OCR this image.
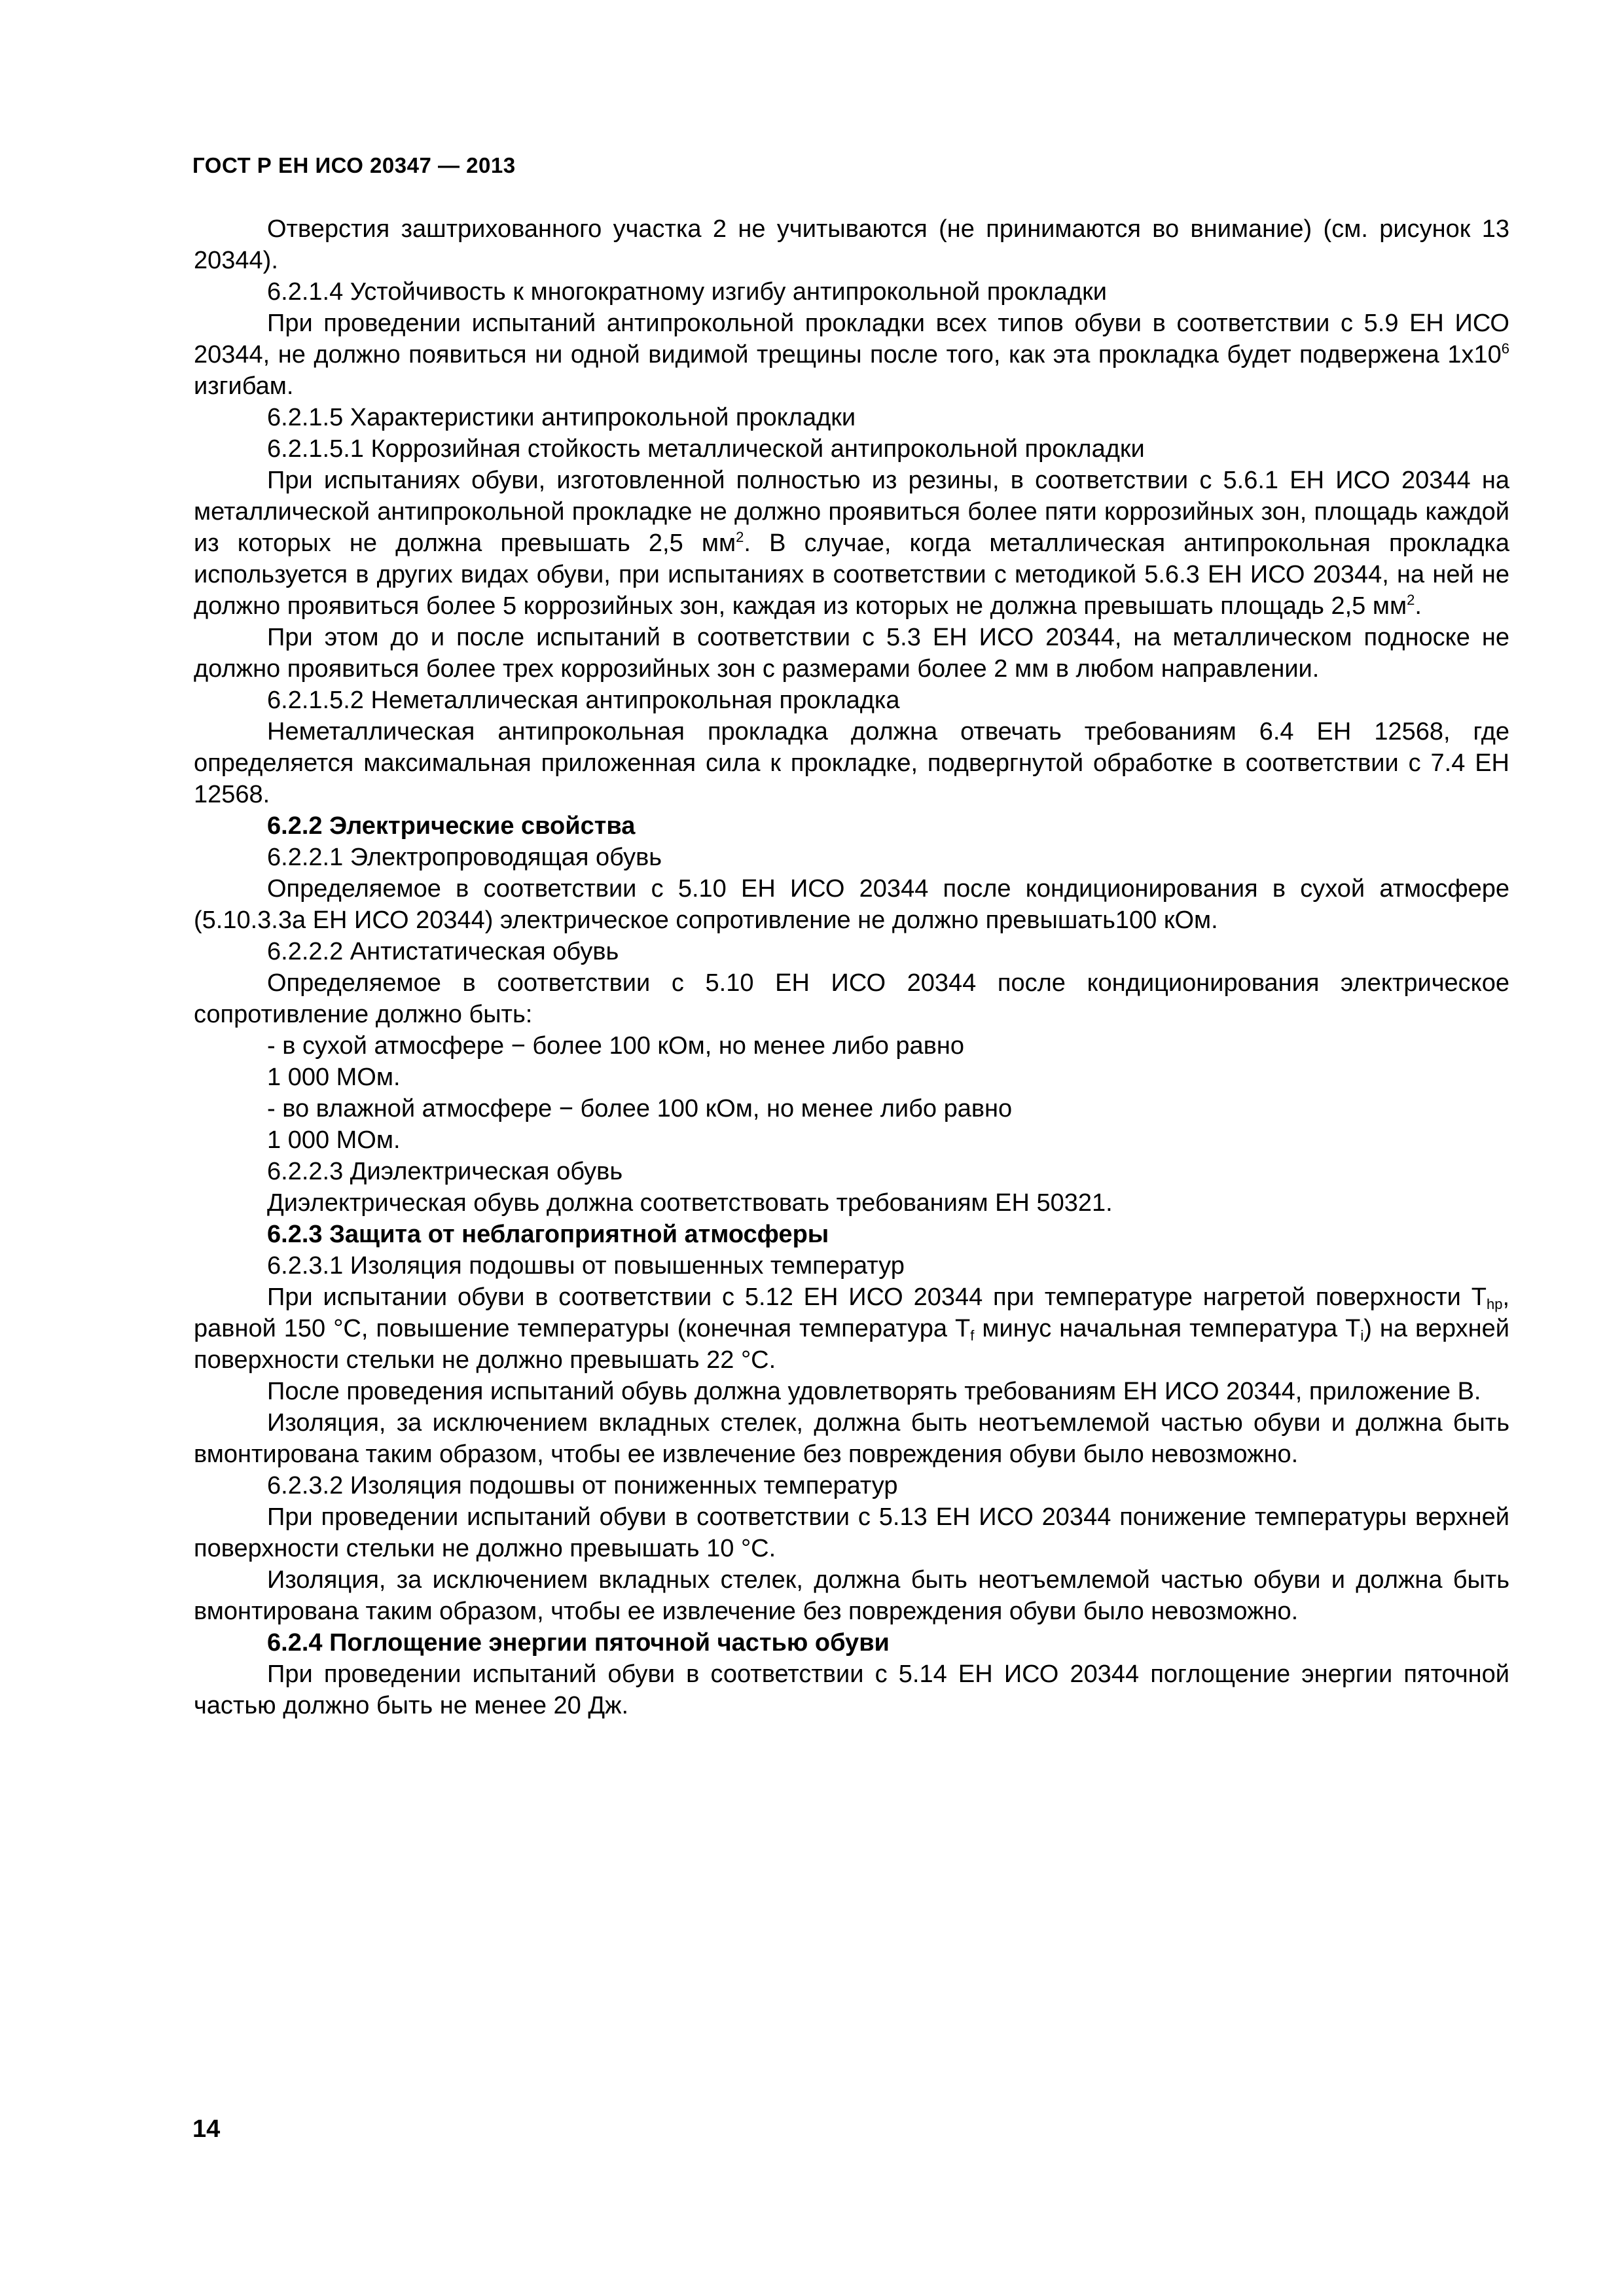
ГОСТ Р ЕН ИСО 20347 — 2013

Отверстия заштрихованного участка 2 не учитываются (не принимаются во внимание) (см. рисунок 13 20344).

6.2.1.4 Устойчивость к многократному изгибу антипрокольной прокладки

При проведении испытаний антипрокольной прокладки всех типов обуви в соответствии с 5.9 ЕН ИСО 20344, не должно появиться ни одной видимой трещины после того, как эта прокладка будет подвержена $1х10^6$ изгибам.

6.2.1.5 Характеристики антипрокольной прокладки

6.2.1.5.1 Коррозийная стойкость металлической антипрокольной прокладки

При испытаниях обуви, изготовленной полностью из резины, в соответствии с 5.6.1 ЕН ИСО 20344 на металлической антипрокольной прокладке не должно проявиться более пяти коррозийных зон, площадь каждой из которых не должна превышать 2,5 $мм^2$. В случае, когда металлическая антипрокольная прокладка используется в других видах обуви, при испытаниях в соответствии с методикой 5.6.3 ЕН ИСО 20344, на ней не должно проявиться более 5 коррозийных зон, каждая из которых не должна превышать площадь 2,5 $мм^2$.

При этом до и после испытаний в соответствии с 5.3 ЕН ИСО 20344, на металлическом подноске не должно проявиться более трех коррозийных зон с размерами более 2 мм в любом направлении.

6.2.1.5.2 Неметаллическая антипрокольная прокладка

Неметаллическая антипрокольная прокладка должна отвечать требованиям 6.4 ЕН 12568, где определяется максимальная приложенная сила к прокладке, подвергнутой обработке в соответствии с 7.4 ЕН 12568.

6.2.2 Электрические свойства

6.2.2.1 Электропроводящая обувь

Определяемое в соответствии с 5.10 ЕН ИСО 20344 после кондиционирования в сухой атмосфере (5.10.3.3а ЕН ИСО 20344) электрическое сопротивление не должно превышать100 кОм.

6.2.2.2 Антистатическая обувь

Определяемое в соответствии с 5.10 ЕН ИСО 20344 после кондиционирования электрическое сопротивление должно быть:

- в сухой атмосфере − более 100 кОм, но менее либо равно

1 000 МОм.

- во влажной атмосфере − более 100 кОм, но менее либо равно

1 000 МОм.

6.2.2.3 Диэлектрическая обувь

Диэлектрическая обувь должна соответствовать требованиям ЕН 50321.

6.2.3 Защита от неблагоприятной атмосферы

6.2.3.1 Изоляция подошвы от повышенных температур

При испытании обуви в соответствии с 5.12 ЕН ИСО 20344 при температуре нагретой поверхности $T_{hp}$, равной 150 °C, повышение температуры (конечная температура $T_f$ минус начальная температура $T_i$) на верхней поверхности стельки не должно превышать 22 °C.

После проведения испытаний обувь должна удовлетворять требованиям ЕН ИСО 20344, приложение В.

Изоляция, за исключением вкладных стелек, должна быть неотъемлемой частью обуви и должна быть вмонтирована таким образом, чтобы ее извлечение без повреждения обуви было невозможно.

6.2.3.2 Изоляция подошвы от пониженных температур

При проведении испытаний обуви в соответствии с 5.13 ЕН ИСО 20344 понижение температуры верхней поверхности стельки не должно превышать 10 °C.

Изоляция, за исключением вкладных стелек, должна быть неотъемлемой частью обуви и должна быть вмонтирована таким образом, чтобы ее извлечение без повреждения обуви было невозможно.

6.2.4 Поглощение энергии пяточной частью обуви

При проведении испытаний обуви в соответствии с 5.14 ЕН ИСО 20344 поглощение энергии пяточной частью должно быть не менее 20 Дж.

14
